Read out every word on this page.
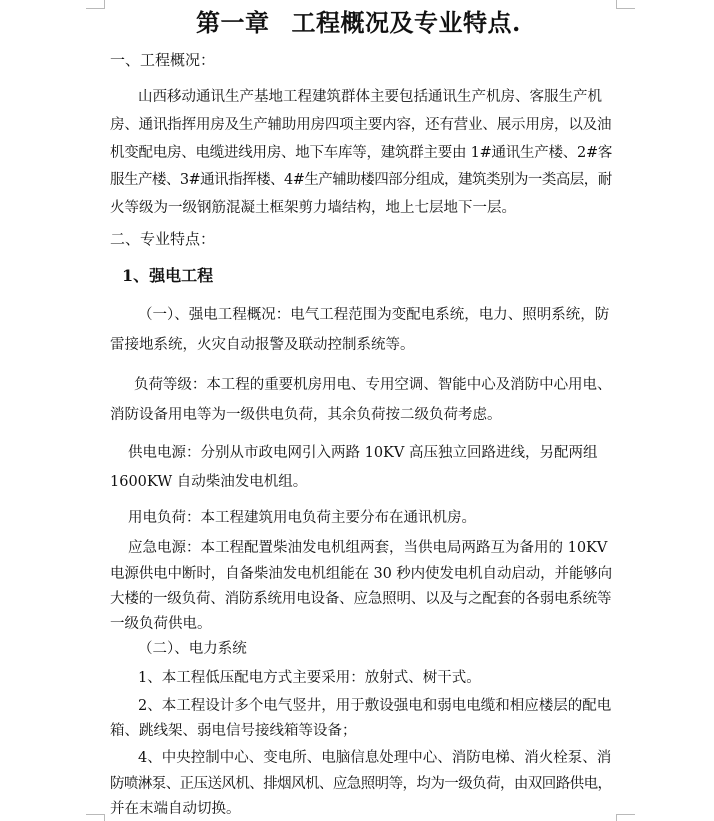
第一章 工程概况及专业特点.

一、工程概况：

山西移动通讯生产基地工程建筑群体主要包括通讯生产机房、客服生产机

房、通讯指挥用房及生产辅助用房四项主要内容，还有营业、展示用房，以及油

机变配电房、电缆进线用房、地下车库等，建筑群主要由 1#通讯生产楼、2#客

服生产楼、3#通讯指挥楼、4#生产辅助楼四部分组成，建筑类别为一类高层，耐

火等级为一级钢筋混凝土框架剪力墙结构，地上七层地下一层。

二、专业特点：

1、强电工程

（一）、强电工程概况：电气工程范围为变配电系统，电力、照明系统，防

雷接地系统，火灾自动报警及联动控制系统等。

负荷等级：本工程的重要机房用电、专用空调、智能中心及消防中心用电、

消防设备用电等为一级供电负荷，其余负荷按二级负荷考虑。

供电电源：分别从市政电网引入两路 10KV 高压独立回路进线，另配两组

1600KW 自动柴油发电机组。

用电负荷：本工程建筑用电负荷主要分布在通讯机房。

应急电源：本工程配置柴油发电机组两套，当供电局两路互为备用的 10KV

电源供电中断时，自备柴油发电机组能在 30 秒内使发电机自动启动，并能够向

大楼的一级负荷、消防系统用电设备、应急照明、以及与之配套的各弱电系统等

一级负荷供电。

（二）、电力系统

1、本工程低压配电方式主要采用：放射式、树干式。

2、本工程设计多个电气竖井，用于敷设强电和弱电电缆和相应楼层的配电

箱、跳线架、弱电信号接线箱等设备；

4、中央控制中心、变电所、电脑信息处理中心、消防电梯、消火栓泵、消

防喷淋泵、正压送风机、排烟风机、应急照明等，均为一级负荷，由双回路供电，

并在末端自动切换。
